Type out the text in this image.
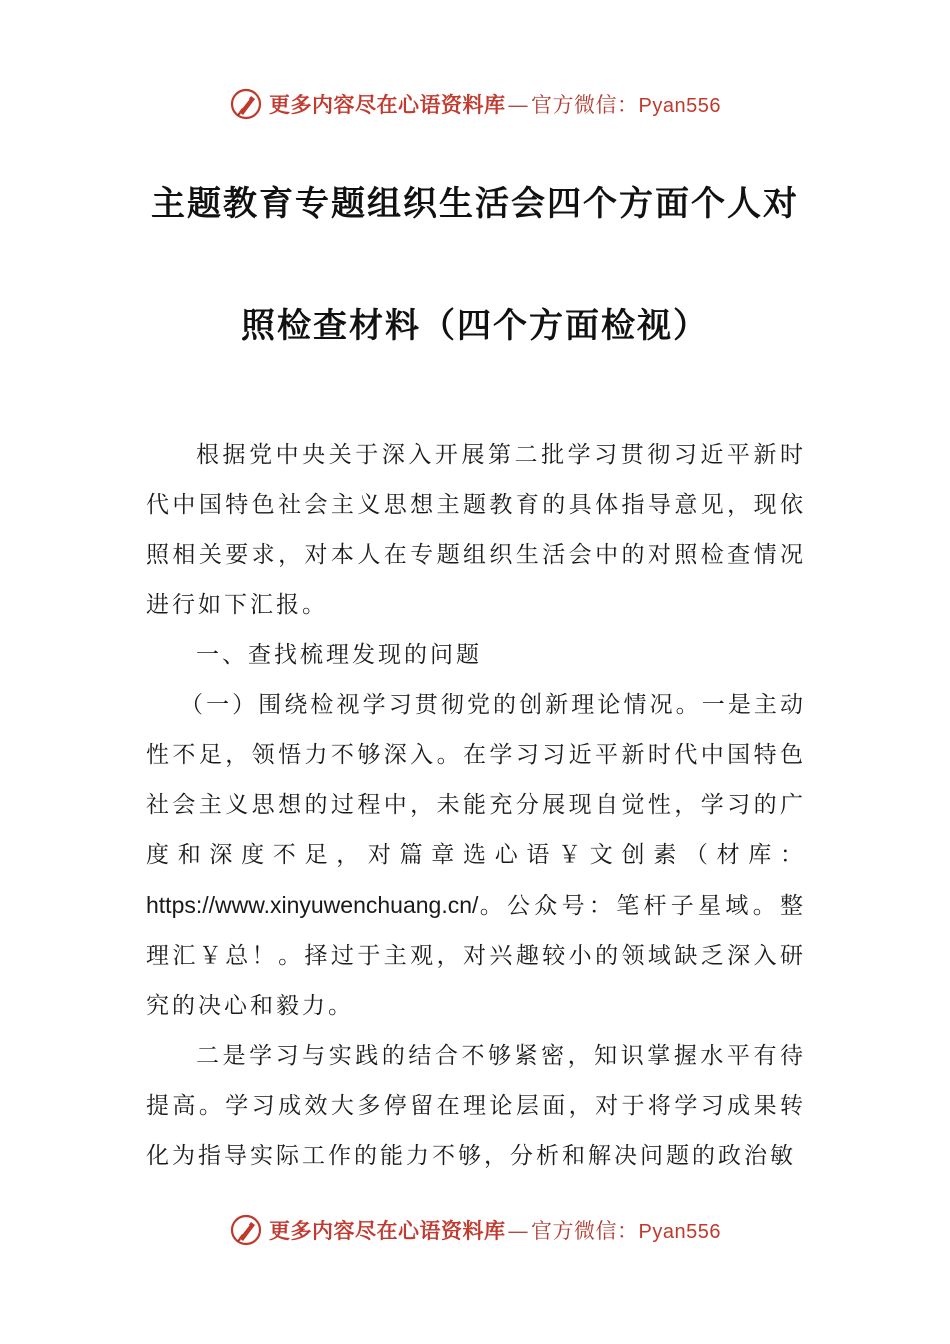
更多内容尽在心语资料库 — 官方微信： Pyan556
主题教育专题组织生活会四个方面个人对
照检查材料（四个方面检视）

根据党中央关于深入开展第二批学习贯彻习近平新时代中国特色社会主义思想主题教育的具体指导意见，现依照相关要求，对本人在专题组织生活会中的对照检查情况进行如下汇报。

一、查找梳理发现的问题

（一）围绕检视学习贯彻党的创新理论情况。一是主动性不足，领悟力不够深入。在学习习近平新时代中国特色社会主义思想的过程中，未能充分展现自觉性，学习的广度和深度不足，对篇章选心语￥文创素（材库：https://www.xinyuwenchuang.cn/。公众号：笔杆子星域。整理汇￥总！。择过于主观，对兴趣较小的领域缺乏深入研究的决心和毅力。

二是学习与实践的结合不够紧密，知识掌握水平有待提高。学习成效大多停留在理论层面，对于将学习成果转化为指导实际工作的能力不够，分析和解决问题的政治敏

更多内容尽在心语资料库 — 官方微信： Pyan556
